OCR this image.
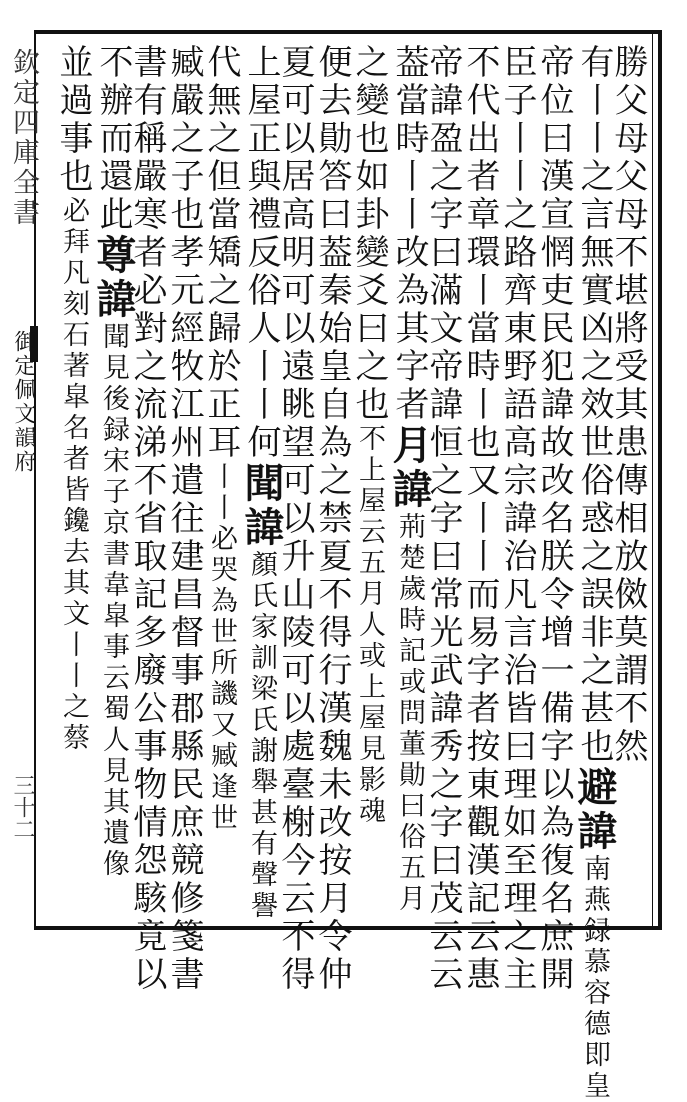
欽定四庫全書
御定佩文韻府
三十二
勝父母父母不堪將受其患傳相放傚莫謂不然
有丨丨之言無實凶之效世俗惑之誤非之甚也避諱南燕録慕容德即皇
帝位曰漢宣惘吏民犯諱故改名朕令增一備字以為復名庶開
臣子丨丨之路齊東野語高宗諱治凡言治皆曰理如至理之主
不代出者章環丨當時丨也又丨丨而易字者按東觀漢記云惠
帝諱盈之字曰滿文帝諱恒之字曰常光武諱秀之字曰茂云云
葢當時丨丨改為其字者月諱荊楚歲時記或問董勛曰俗五月
之變也如卦變爻曰之也不上屋云五月人或上屋見影魂
便去勛答曰葢秦始皇自為之禁夏不得行漢魏未改按月令仲
夏可以居高明可以遠眺望可以升山陵可以處臺榭今云不得
上屋正與禮反俗人丨丨何聞諱顏氏家訓梁氏謝舉甚有聲譽
代無之但當矯之歸於正耳丨丨必哭為世所譏又臧逢世
臧嚴之子也孝元經牧江州遣往建昌督事郡縣民庶競修箋書
書有稱嚴寒者必對之流涕不省取記多廢公事物情怨駭竟以
不辦而還此尊諱聞見後録宋子京書韋皐事云蜀人見其遺像
並過事也必拜凡刻石著皐名者皆鑱去其文丨丨之蔡
